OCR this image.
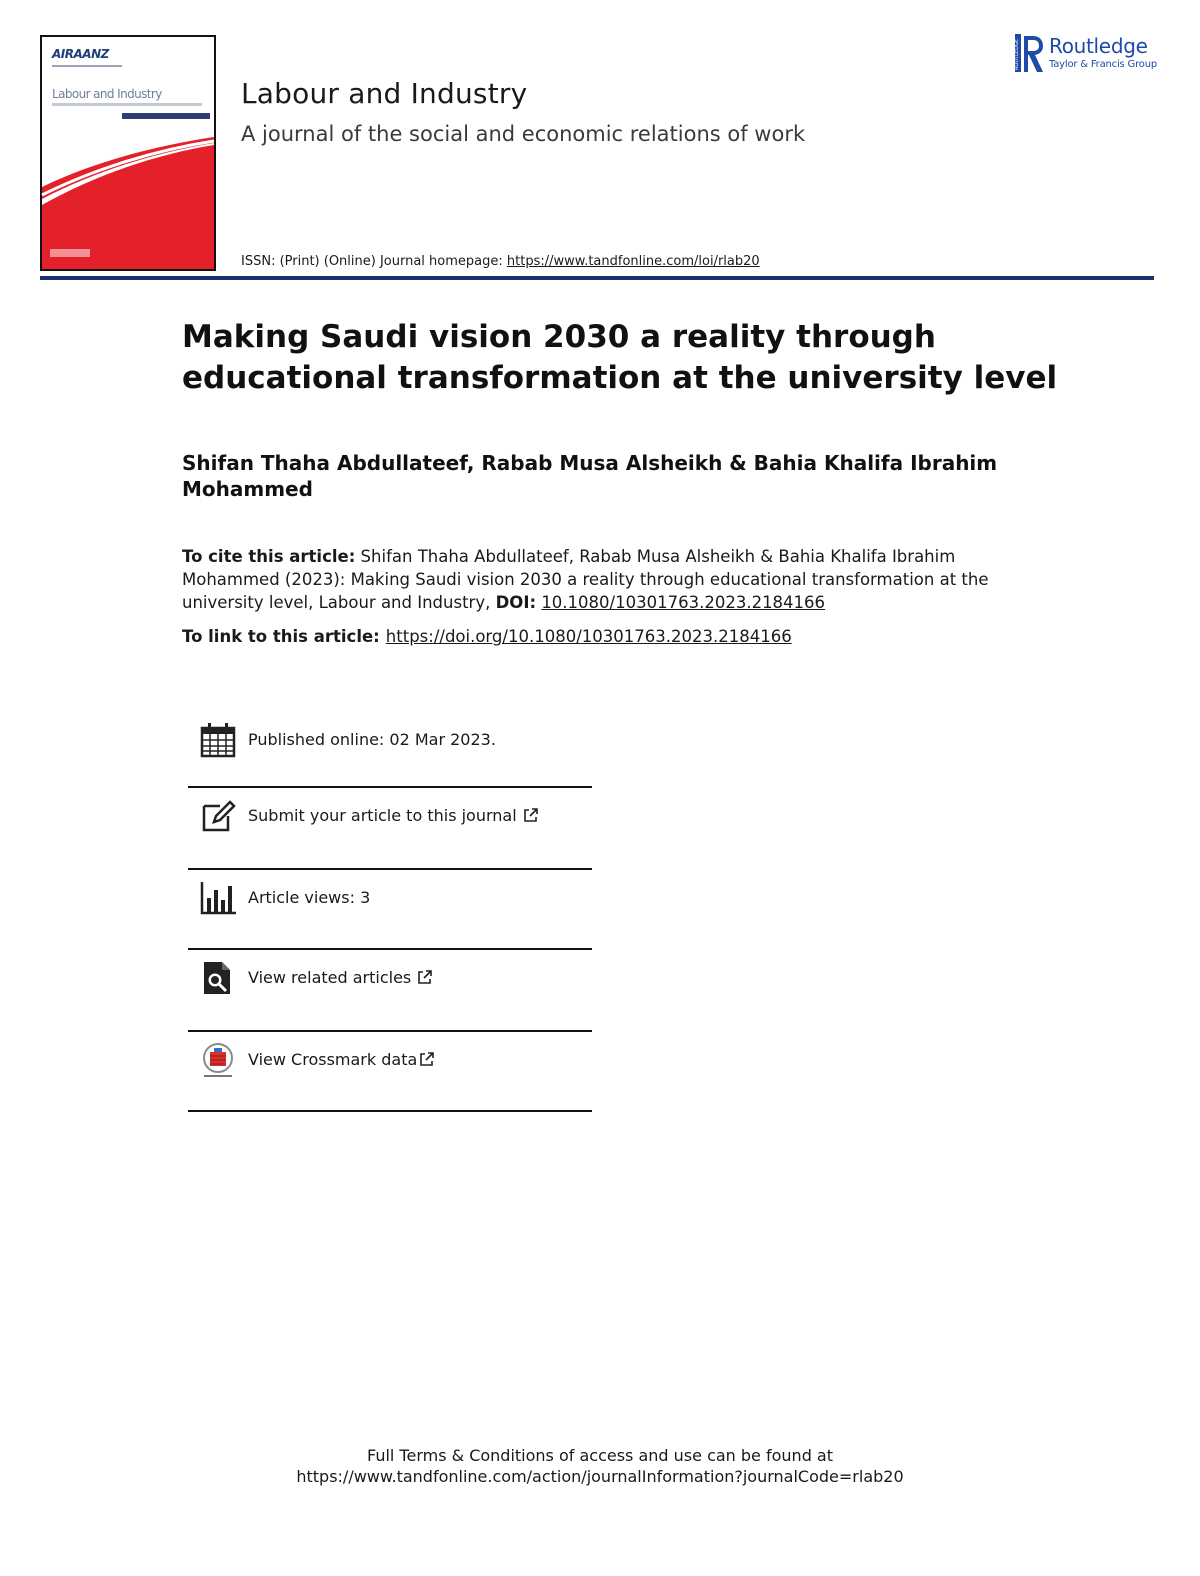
AIRAANZ
Labour and Industry	Labour and Industry
A journal of the social and economic relations of work
ISSN: (Print) (Online) Journal homepage: https://www.tandfonline.com/loi/rlab20
ROUTLEDGE Routledge
Taylor & Francis Group
Making Saudi vision 2030 a reality through educational transformation at the university level
Shifan Thaha Abdullateef, Rabab Musa Alsheikh & Bahia Khalifa Ibrahim Mohammed
To cite this article: Shifan Thaha Abdullateef, Rabab Musa Alsheikh & Bahia Khalifa Ibrahim Mohammed (2023): Making Saudi vision 2030 a reality through educational transformation at the university level, Labour and Industry, DOI: 10.1080/10301763.2023.2184166
To link to this article: https://doi.org/10.1080/10301763.2023.2184166
Published online: 02 Mar 2023.
Submit your article to this journal
Article views: 3
View related articles
View Crossmark data
Full Terms & Conditions of access and use can be found at
https://www.tandfonline.com/action/journalInformation?journalCode=rlab20
